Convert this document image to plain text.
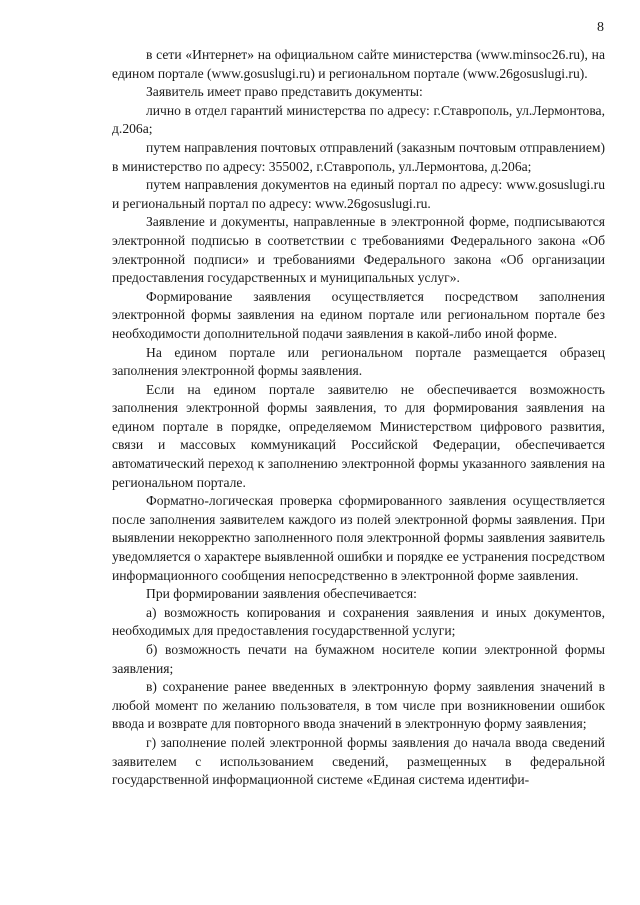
8

в сети «Интернет» на официальном сайте министерства (www.minsoc26.ru), на едином портале (www.gosuslugi.ru) и региональном портале (www.26gosuslugi.ru).

Заявитель имеет право представить документы:

лично в отдел гарантий министерства по адресу: г.Ставрополь, ул.Лермонтова, д.206а;

путем направления почтовых отправлений (заказным почтовым отправлением) в министерство по адресу: 355002, г.Ставрополь, ул.Лермонтова, д.206а;

путем направления документов на единый портал по адресу: www.gosuslugi.ru и региональный портал по адресу: www.26gosuslugi.ru.

Заявление и документы, направленные в электронной форме, подписываются электронной подписью в соответствии с требованиями Федерального закона «Об электронной подписи» и требованиями Федерального закона «Об организации предоставления государственных и муниципальных услуг».

Формирование заявления осуществляется посредством заполнения электронной формы заявления на едином портале или региональном портале без необходимости дополнительной подачи заявления в какой-либо иной форме.

На едином портале или региональном портале размещается образец заполнения электронной формы заявления.

Если на едином портале заявителю не обеспечивается возможность заполнения электронной формы заявления, то для формирования заявления на едином портале в порядке, определяемом Министерством цифрового развития, связи и массовых коммуникаций Российской Федерации, обеспечивается автоматический переход к заполнению электронной формы указанного заявления на региональном портале.

Форматно-логическая проверка сформированного заявления осуществляется после заполнения заявителем каждого из полей электронной формы заявления. При выявлении некорректно заполненного поля электронной формы заявления заявитель уведомляется о характере выявленной ошибки и порядке ее устранения посредством информационного сообщения непосредственно в электронной форме заявления.

При формировании заявления обеспечивается:

а) возможность копирования и сохранения заявления и иных документов, необходимых для предоставления государственной услуги;

б) возможность печати на бумажном носителе копии электронной формы заявления;

в) сохранение ранее введенных в электронную форму заявления значений в любой момент по желанию пользователя, в том числе при возникновении ошибок ввода и возврате для повторного ввода значений в электронную форму заявления;

г) заполнение полей электронной формы заявления до начала ввода сведений заявителем с использованием сведений, размещенных в федеральной государственной информационной системе «Единая система идентифи-
